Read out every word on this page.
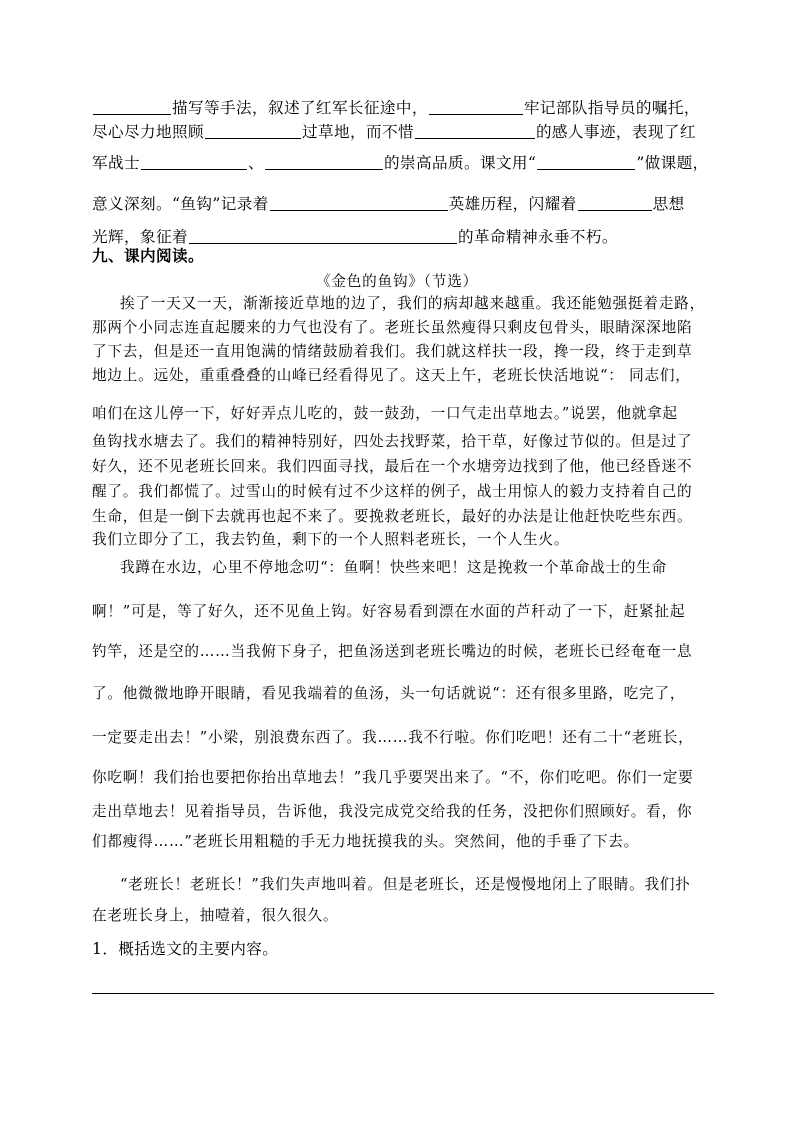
描写等手法，叙述了红军长征途中，	牢记部队指导员的嘱托，
尽心尽力地照顾	过草地，而不惜	的感人事迹，表现了红
军战士	、	的崇高品质。课文用“	”做课题，
意义深刻。“鱼钩”记录着	英雄历程，闪耀着	思想
光辉，象征着	的革命精神永垂不朽。
九、课内阅读。
《金色的鱼钩》（节选）
挨了一天又一天，渐渐接近草地的边了，我们的病却越来越重。我还能勉强挺着走路，
那两个小同志连直起腰来的力气也没有了。老班长虽然瘦得只剩皮包骨头，眼睛深深地陷
了下去，但是还一直用饱满的情绪鼓励着我们。我们就这样扶一段，搀一段，终于走到草
地边上。远处，重重叠叠的山峰已经看得见了。这天上午，老班长快活地说“： 同志们，
咱们在这儿停一下，好好弄点儿吃的，鼓一鼓劲，一口气走出草地去。”说罢，他就拿起
鱼钩找水塘去了。我们的精神特别好，四处去找野菜，拾干草，好像过节似的。但是过了
好久，还不见老班长回来。我们四面寻找，最后在一个水塘旁边找到了他，他已经昏迷不
醒了。我们都慌了。过雪山的时候有过不少这样的例子，战士用惊人的毅力支持着自己的
生命，但是一倒下去就再也起不来了。要挽救老班长，最好的办法是让他赶快吃些东西。
我们立即分了工，我去钓鱼，剩下的一个人照料老班长，一个人生火。
我蹲在水边，心里不停地念叨“：鱼啊！快些来吧！这是挽救一个革命战士的生命
啊！”可是，等了好久，还不见鱼上钩。好容易看到漂在水面的芦秆动了一下，赶紧扯起
钓竿，还是空的……当我俯下身子，把鱼汤送到老班长嘴边的时候，老班长已经奄奄一息
了。他微微地睁开眼睛，看见我端着的鱼汤，头一句话就说“：还有很多里路，吃完了，
一定要走出去！”小梁，别浪费东西了。我……我不行啦。你们吃吧！还有二十“老班长，
你吃啊！我们抬也要把你抬出草地去！”我几乎要哭出来了。“不，你们吃吧。你们一定要
走出草地去！见着指导员，告诉他，我没完成党交给我的任务，没把你们照顾好。看，你
们都瘦得……”老班长用粗糙的手无力地抚摸我的头。突然间，他的手垂了下去。
“老班长！老班长！”我们失声地叫着。但是老班长，还是慢慢地闭上了眼睛。我们扑
在老班长身上，抽噎着，很久很久。
1．概括选文的主要内容。
